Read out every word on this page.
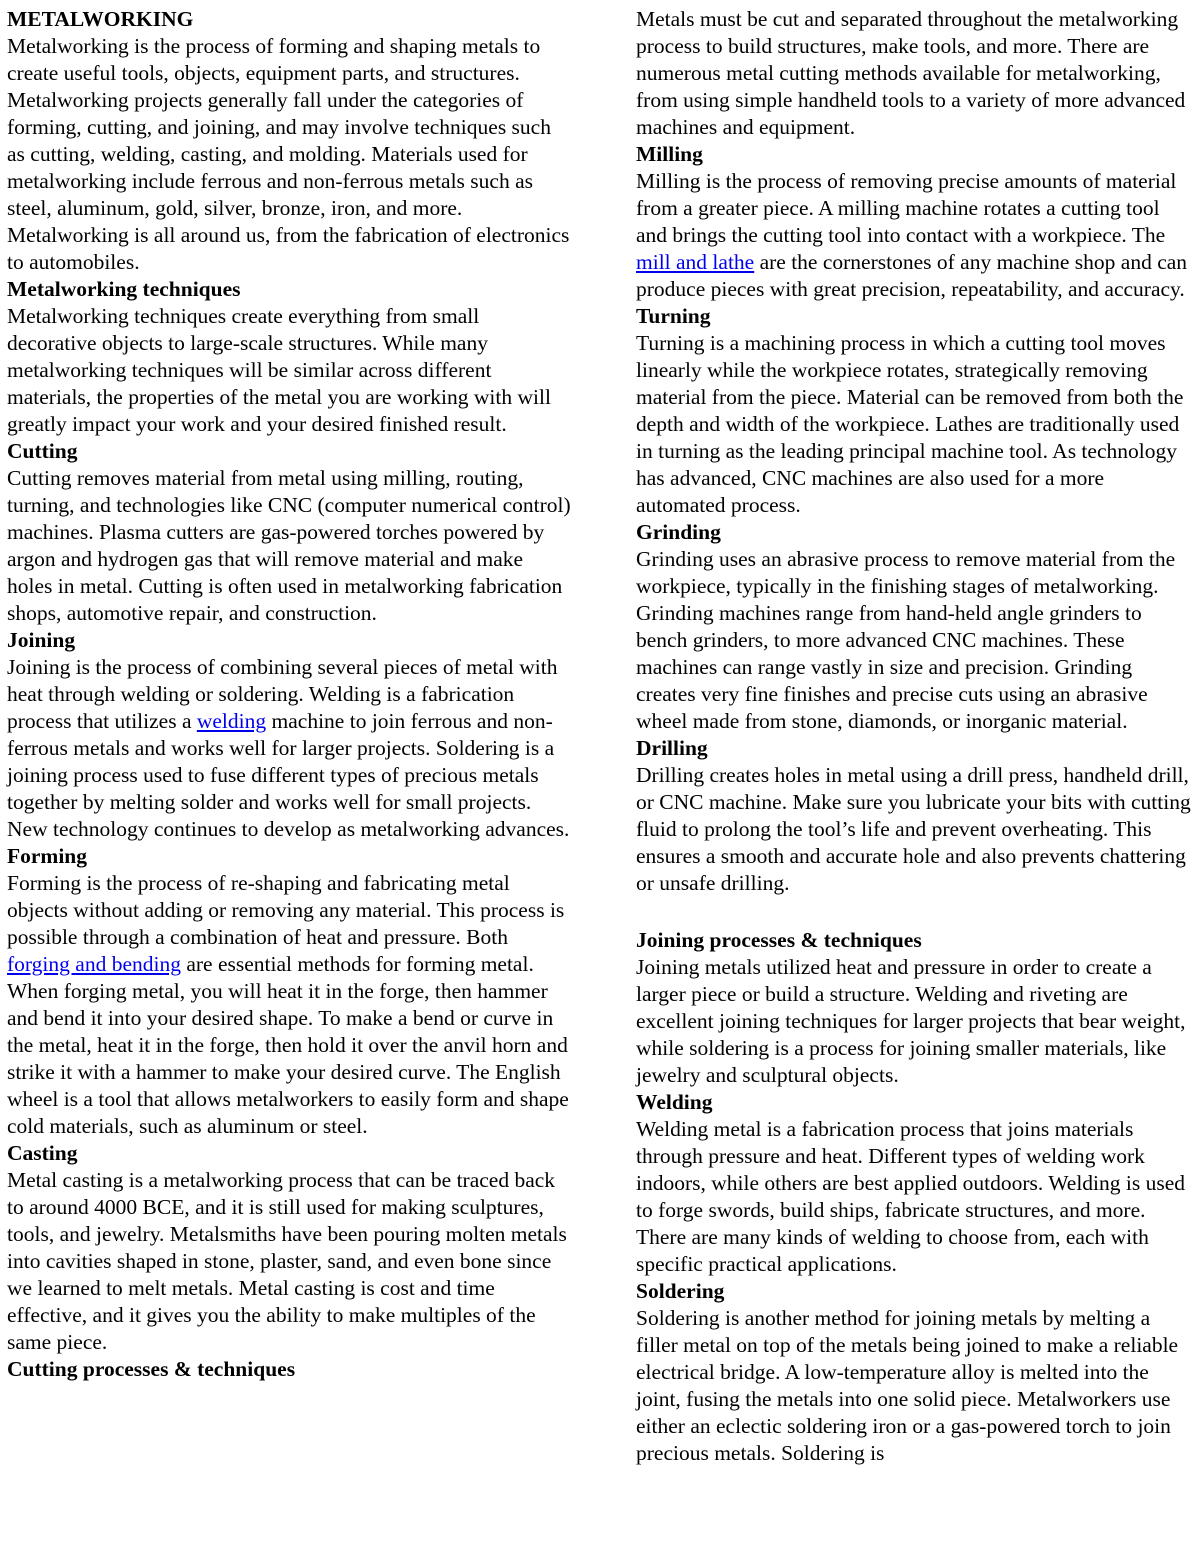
METALWORKING

Metalworking is the process of forming and shaping metals to create useful tools, objects, equipment parts, and structures. Metalworking projects generally fall under the categories of forming, cutting, and joining, and may involve techniques such as cutting, welding, casting, and molding. Materials used for metalworking include ferrous and non-ferrous metals such as steel, aluminum, gold, silver, bronze, iron, and more. Metalworking is all around us, from the fabrication of electronics to automobiles.

Metalworking techniques

Metalworking techniques create everything from small decorative objects to large-scale structures. While many metalworking techniques will be similar across different materials, the properties of the metal you are working with will greatly impact your work and your desired finished result.

Cutting

Cutting removes material from metal using milling, routing, turning, and technologies like CNC (computer numerical control) machines. Plasma cutters are gas-powered torches powered by argon and hydrogen gas that will remove material and make holes in metal. Cutting is often used in metalworking fabrication shops, automotive repair, and construction.

Joining

Joining is the process of combining several pieces of metal with heat through welding or soldering. Welding is a fabrication process that utilizes a welding machine to join ferrous and non-ferrous metals and works well for larger projects. Soldering is a joining process used to fuse different types of precious metals together by melting solder and works well for small projects. New technology continues to develop as metalworking advances.

Forming

Forming is the process of re-shaping and fabricating metal objects without adding or removing any material. This process is possible through a combination of heat and pressure. Both forging and bending are essential methods for forming metal. When forging metal, you will heat it in the forge, then hammer and bend it into your desired shape. To make a bend or curve in the metal, heat it in the forge, then hold it over the anvil horn and strike it with a hammer to make your desired curve. The English wheel is a tool that allows metalworkers to easily form and shape cold materials, such as aluminum or steel.

Casting

Metal casting is a metalworking process that can be traced back to around 4000 BCE, and it is still used for making sculptures, tools, and jewelry. Metalsmiths have been pouring molten metals into cavities shaped in stone, plaster, sand, and even bone since we learned to melt metals. Metal casting is cost and time effective, and it gives you the ability to make multiples of the same piece.

Cutting processes & techniques

Metals must be cut and separated throughout the metalworking process to build structures, make tools, and more. There are numerous metal cutting methods available for metalworking, from using simple handheld tools to a variety of more advanced machines and equipment.

Milling

Milling is the process of removing precise amounts of material from a greater piece. A milling machine rotates a cutting tool and brings the cutting tool into contact with a workpiece. The mill and lathe are the cornerstones of any machine shop and can produce pieces with great precision, repeatability, and accuracy.

Turning

Turning is a machining process in which a cutting tool moves linearly while the workpiece rotates, strategically removing material from the piece. Material can be removed from both the depth and width of the workpiece. Lathes are traditionally used in turning as the leading principal machine tool. As technology has advanced, CNC machines are also used for a more automated process.

Grinding

Grinding uses an abrasive process to remove material from the workpiece, typically in the finishing stages of metalworking. Grinding machines range from hand-held angle grinders to bench grinders, to more advanced CNC machines. These machines can range vastly in size and precision. Grinding creates very fine finishes and precise cuts using an abrasive wheel made from stone, diamonds, or inorganic material.

Drilling

Drilling creates holes in metal using a drill press, handheld drill, or CNC machine. Make sure you lubricate your bits with cutting fluid to prolong the tool’s life and prevent overheating. This ensures a smooth and accurate hole and also prevents chattering or unsafe drilling.

Joining processes & techniques

Joining metals utilized heat and pressure in order to create a larger piece or build a structure. Welding and riveting are excellent joining techniques for larger projects that bear weight, while soldering is a process for joining smaller materials, like jewelry and sculptural objects.

Welding

Welding metal is a fabrication process that joins materials through pressure and heat. Different types of welding work indoors, while others are best applied outdoors. Welding is used to forge swords, build ships, fabricate structures, and more. There are many kinds of welding to choose from, each with specific practical applications.

Soldering

Soldering is another method for joining metals by melting a filler metal on top of the metals being joined to make a reliable electrical bridge. A low-temperature alloy is melted into the joint, fusing the metals into one solid piece. Metalworkers use either an eclectic soldering iron or a gas-powered torch to join precious metals. Soldering is
